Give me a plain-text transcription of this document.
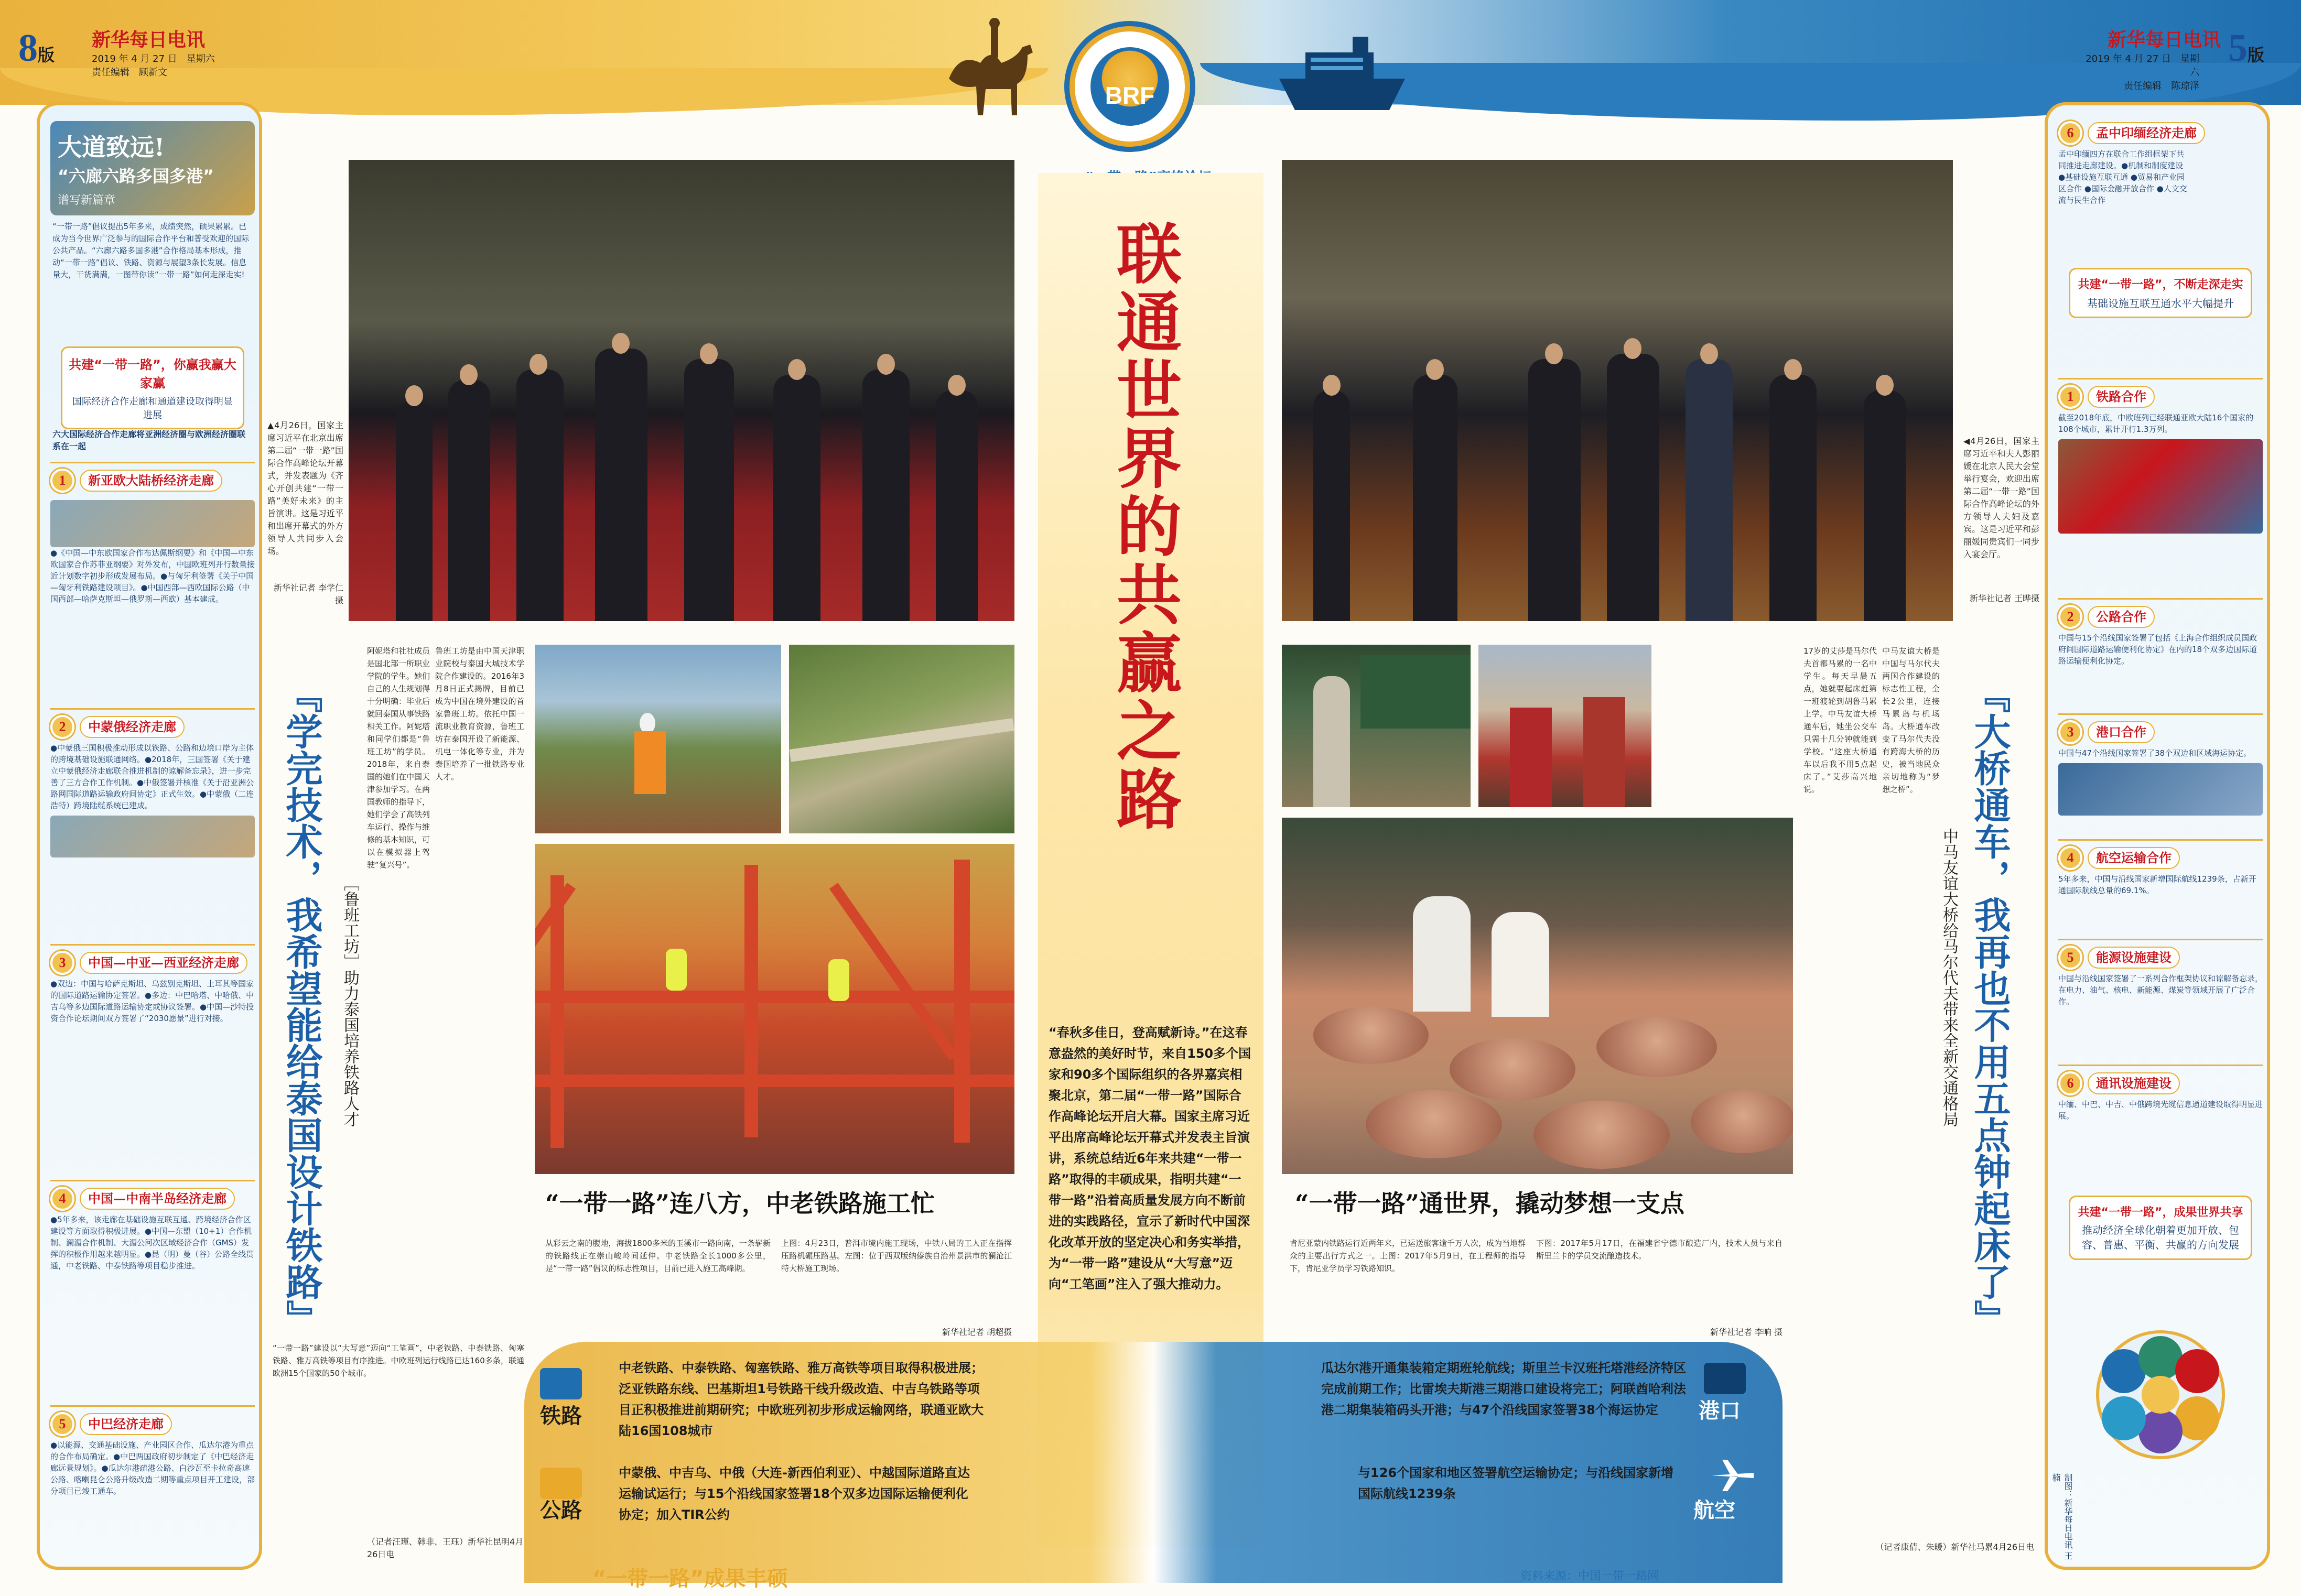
8版
新华每日电讯
2019 年 4 月 27 日　星期六
责任编辑　顾新文
新华每日电讯
2019 年 4 月 27 日　星期六
责任编辑　陈琼泽
5版
BRF
大道致远!
“六廊六路多国多港”
谱写新篇章
“一带一路”倡议提出5年多来，成绩突然，硕果累累。已成为当今世界广泛参与的国际合作平台和普受欢迎的国际公共产品。“六廊六路多国多港”合作格局基本形成，推动“一带一路”倡议、铁路、资源与展望3条长发展。信息量大，干货满满，一图带你读“一带一路”如何走深走实!
共建“一带一路”，你赢我赢大家赢
国际经济合作走廊和通道建设取得明显进展
六大国际经济合作走廊将亚洲经济圈与欧洲经济圈联系在一起
1	新亚欧大陆桥经济走廊
●《中国—中东欧国家合作布达佩斯纲要》和《中国—中东欧国家合作苏菲亚纲要》对外发布，中国欧班列开行数量接近计划数字初步形成发展布局。●与匈牙利签署《关于中国—匈牙利铁路建设项目》。●中国西部—西欧国际公路（中国西部—哈萨克斯坦—俄罗斯—西欧）基本建成。
2	中蒙俄经济走廊
●中蒙俄三国积极推动形成以铁路、公路和边境口岸为主体的跨境基础设施联通网络。●2018年，三国签署《关于建立中蒙俄经济走廊联合推进机制的谅解备忘录》，进一步完善了三方合作工作机制。●中俄签署并核准《关于沿亚洲公路网国际道路运输政府间协定》正式生效。●中蒙俄（二连浩特）跨境陆缆系统已建成。
3	中国—中亚—西亚经济走廊
●双边：中国与哈萨克斯坦、乌兹别克斯坦、土耳其等国家的国际道路运输协定签署。●多边：中巴哈塔、中哈俄、中吉乌等多边国际道路运输协定或协议签署。●中国—沙特投资合作论坛期间双方签署了“2030愿景”进行对接。
4	中国—中南半岛经济走廊
●5年多来，该走廊在基础设施互联互通、跨境经济合作区建设等方面取得积极进展。●中国—东盟（10+1）合作机制、澜湄合作机制、大湄公河次区域经济合作（GMS）发挥的积极作用越来越明显。●昆（明）曼（谷）公路全线贯通，中老铁路、中泰铁路等项目稳步推进。
5	中巴经济走廊
●以能源、交通基础设施、产业园区合作、瓜达尔港为重点的合作布局确定。●中巴两国政府初步制定了《中巴经济走廊远景规划》。●瓜达尔港疏港公路、白沙瓦至卡拉奇高速公路、喀喇昆仑公路升级改造二期等重点项目开工建设，部分项目已竣工通车。
▲4月26日，国家主席习近平在北京出席第二届“一带一路”国际合作高峰论坛开幕式，并发表题为《齐心开创共建“一带一路”美好未来》的主旨演讲。这是习近平和出席开幕式的外方领导人共同步入会场。
新华社记者 李学仁摄
『学完技术，我希望能给泰国设计铁路』 ［鲁班工坊］助力泰国培养铁路人才
阿妮塔和社社成员是国北部一所职业学院的学生。她们自己的人生规划得十分明确：毕业后就回泰国从事铁路相关工作。阿妮塔和同学们都是“鲁班工坊”的学员。2018年，来自泰国的她们在中国天津参加学习。在两国教师的指导下，她们学会了高铁列车运行、操作与维修的基本知识，可以在模拟器上驾驶“复兴号”。
鲁班工坊是由中国天津职业院校与泰国大城技术学院合作建设的。2016年3月8日正式揭牌，目前已成为中国在境外建设的首家鲁班工坊。依托中国一流职业教育资源，鲁班工坊在泰国开设了新能源、机电一体化等专业，并为泰国培养了一批铁路专业人才。
“一带一路”连八方，中老铁路施工忙
从彩云之南的腹地，海拔1800多米的玉溪市一路向南，一条崭新的铁路线正在崇山峻岭间延伸。中老铁路全长1000多公里，是“一带一路”倡议的标志性项目，目前已进入施工高峰期。
上图：4月23日，普洱市境内施工现场，中铁八局的工人正在指挥压路机碾压路基。左图：位于西双版纳傣族自治州景洪市的澜沧江特大桥施工现场。
新华社记者 胡超摄
“一带一路”建设以“大写意”迈向“工笔画”，中老铁路、中泰铁路、匈塞铁路、雅万高铁等项目有序推进。中欧班列运行线路已达160多条，联通欧洲15个国家的50个城市。
（记者汪瑾、韩非、王珏）新华社昆明4月26日电
联通世界的共赢之路
“春秋多佳日，登高赋新诗。”在这春意盎然的美好时节，来自150多个国家和90多个国际组织的各界嘉宾相聚北京，第二届“一带一路”国际合作高峰论坛开启大幕。国家主席习近平出席高峰论坛开幕式并发表主旨演讲，系统总结近6年来共建“一带一路”取得的丰硕成果，指明共建“一带一路”沿着高质量发展方向不断前进的实践路径，宣示了新时代中国深化改革开放的坚定决心和务实举措，为“一带一路”建设从“大写意”迈向“工笔画”注入了强大推动力。
◀4月26日，国家主席习近平和夫人彭丽媛在北京人民大会堂举行宴会，欢迎出席第二届“一带一路”国际合作高峰论坛的外方领导人夫妇及嘉宾。这是习近平和彭丽媛同贵宾们一同步入宴会厅。
新华社记者 王晔摄
“一带一路”通世界，撬动梦想一支点
肯尼亚蒙内铁路运行近两年来，已运送旅客逾千万人次，成为当地群众的主要出行方式之一。上图：2017年5月9日，在工程师的指导下，肯尼亚学员学习铁路知识。
下图：2017年5月17日，在福建省宁德市酿造厂内，技术人员与来自斯里兰卡的学员交流酿造技术。
新华社记者 李响 摄
17岁的艾莎是马尔代夫首都马累的一名中学生。每天早晨五点，她就要起床赶第一班渡轮到胡鲁马累上学。中马友谊大桥通车后，她坐公交车只需十几分钟就能到学校。“这座大桥通车以后我不用5点起床了。”艾莎高兴地说。
中马友谊大桥是中国与马尔代夫两国合作建设的标志性工程，全长2公里，连接马累岛与机场岛。大桥通车改变了马尔代夫没有跨海大桥的历史，被当地民众亲切地称为“梦想之桥”。	『大桥通车，我再也不用五点钟起床了』
中马友谊大桥给马尔代夫带来全新交通格局
（记者康倩、朱暖）新华社马累4月26日电
6	孟中印缅经济走廊
孟中印缅四方在联合工作组框架下共同推进走廊建设。●机制和制度建设 ●基础设施互联互通 ●贸易和产业园区合作 ●国际金融开放合作 ●人文交流与民生合作
共建“一带一路”，不断走深走实
基础设施互联互通水平大幅提升
1	铁路合作
截至2018年底，中欧班列已经联通亚欧大陆16个国家的108个城市，累计开行1.3万列。
2	公路合作
中国与15个沿线国家签署了包括《上海合作组织成员国政府间国际道路运输便利化协定》在内的18个双多边国际道路运输便利化协定。
3	港口合作
中国与47个沿线国家签署了38个双边和区域海运协定。
4	航空运输合作
5年多来，中国与沿线国家新增国际航线1239条，占新开通国际航线总量的69.1%。
5	能源设施建设
中国与沿线国家签署了一系列合作框架协议和谅解备忘录，在电力、油气、核电、新能源、煤炭等领域开展了广泛合作。
6	通讯设施建设
中缅、中巴、中吉、中俄跨境光缆信息通道建设取得明显进展。
共建“一带一路”，成果世界共享
推动经济全球化朝着更加开放、包容、普惠、平衡、共赢的方向发展
制图：新华每日电讯 王楠
铁路
中老铁路、中泰铁路、匈塞铁路、雅万高铁等项目取得积极进展；泛亚铁路东线、巴基斯坦1号铁路干线升级改造、中吉乌铁路等项目正积极推进前期研究；中欧班列初步形成运输网络，联通亚欧大陆16国108城市
公路
中蒙俄、中吉乌、中俄（大连-新西伯利亚）、中越国际道路直达运输试运行；与15个沿线国家签署18个双多边国际运输便利化协定；加入TIR公约
瓜达尔港开通集装箱定期班轮航线；斯里兰卡汉班托塔港经济特区完成前期工作；比雷埃夫斯港三期港口建设将完工；阿联酋哈利法港二期集装箱码头开港；与47个沿线国家签署38个海运协定	港口
与126个国家和地区签署航空运输协定；与沿线国家新增国际航线1239条
航空
“一带一路”成果丰硕	资料来源：中国一带一路网
